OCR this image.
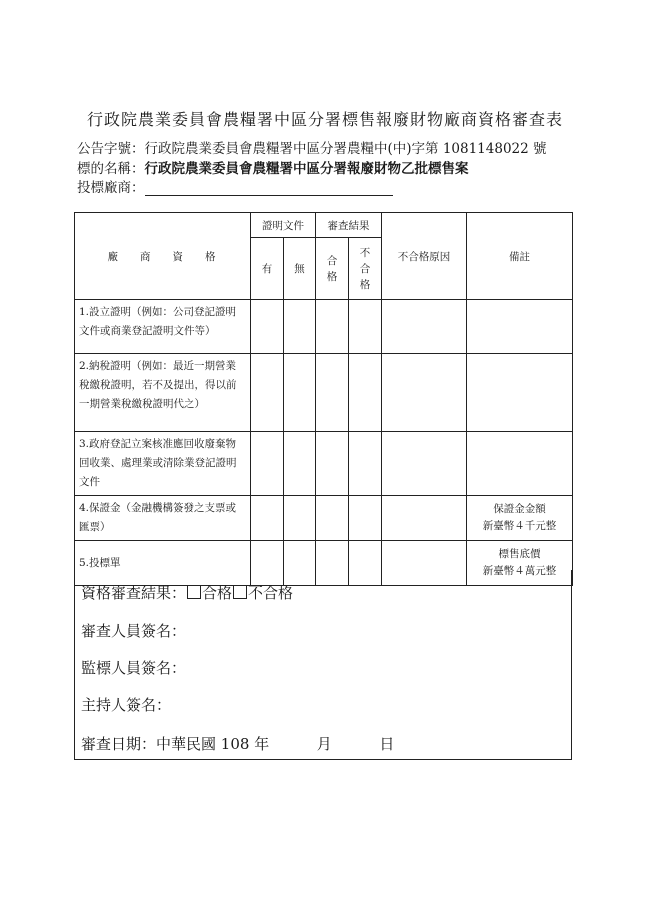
行政院農業委員會農糧署中區分署標售報廢財物廠商資格審查表
公告字號：行政院農業委員會農糧署中區分署農糧中(中)字第 1081148022 號
標的名稱：行政院農業委員會農糧署中區分署報廢財物乙批標售案
投標廠商：
廠商資格	證明文件		審查結果		不合格原因	備註
	有	無	合格	不合格		

1.設立證明（例如：公司登記證明文件或商業登記證明文件等）						
2.納稅證明（例如：最近一期營業稅繳稅證明，若不及提出，得以前一期營業稅繳稅證明代之）						
3.政府登記立案核准應回收廢棄物回收業、處理業或清除業登記證明文件						
4.保證金（金融機構簽發之支票或匯票）						保證金金額
新臺幣４千元整
5.投標單						標售底價
新臺幣４萬元整
資格審查結果： 合格 不合格
審查人員簽名：
監標人員簽名：
主持人簽名：
審查日期：中華民國 108 年	月	日
